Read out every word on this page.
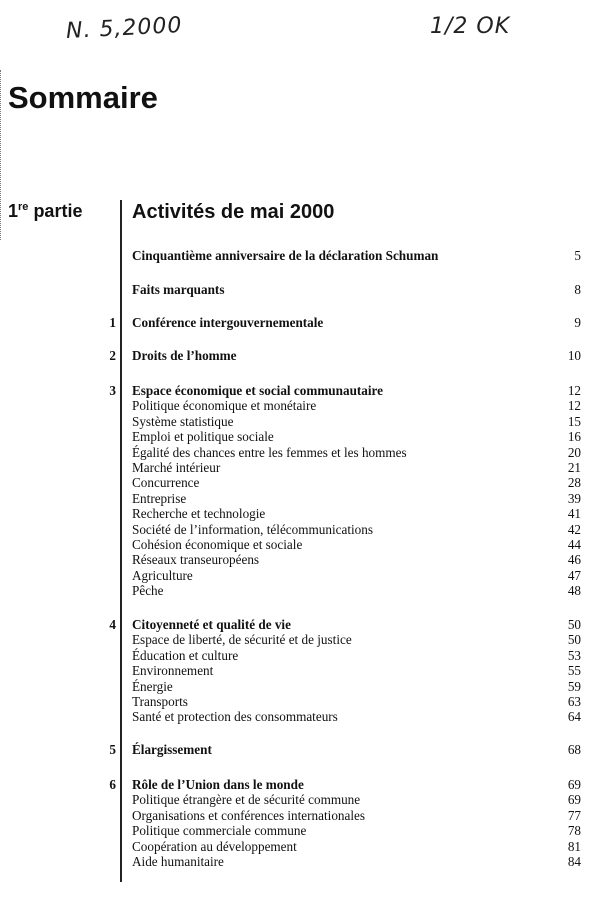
N. 5,2000	1/2 OK
Sommaire
1re partie Activités de mai 2000
Cinquantième anniversaire de la déclaration Schuman	5
Faits marquants	8
1 Conférence intergouvernementale	9
2 Droits de l’homme	10
3 Espace économique et social communautaire	12
Politique économique et monétaire	12
Système statistique	15
Emploi et politique sociale	16
Égalité des chances entre les femmes et les hommes	20
Marché intérieur	21
Concurrence	28
Entreprise	39
Recherche et technologie	41
Société de l’information, télécommunications	42
Cohésion économique et sociale	44
Réseaux transeuropéens	46
Agriculture	47
Pêche	48
4 Citoyenneté et qualité de vie	50
Espace de liberté, de sécurité et de justice	50
Éducation et culture	53
Environnement	55
Énergie	59
Transports	63
Santé et protection des consommateurs	64
5 Élargissement	68
6 Rôle de l’Union dans le monde	69
Politique étrangère et de sécurité commune	69
Organisations et conférences internationales	77
Politique commerciale commune	78
Coopération au développement	81
Aide humanitaire	84
